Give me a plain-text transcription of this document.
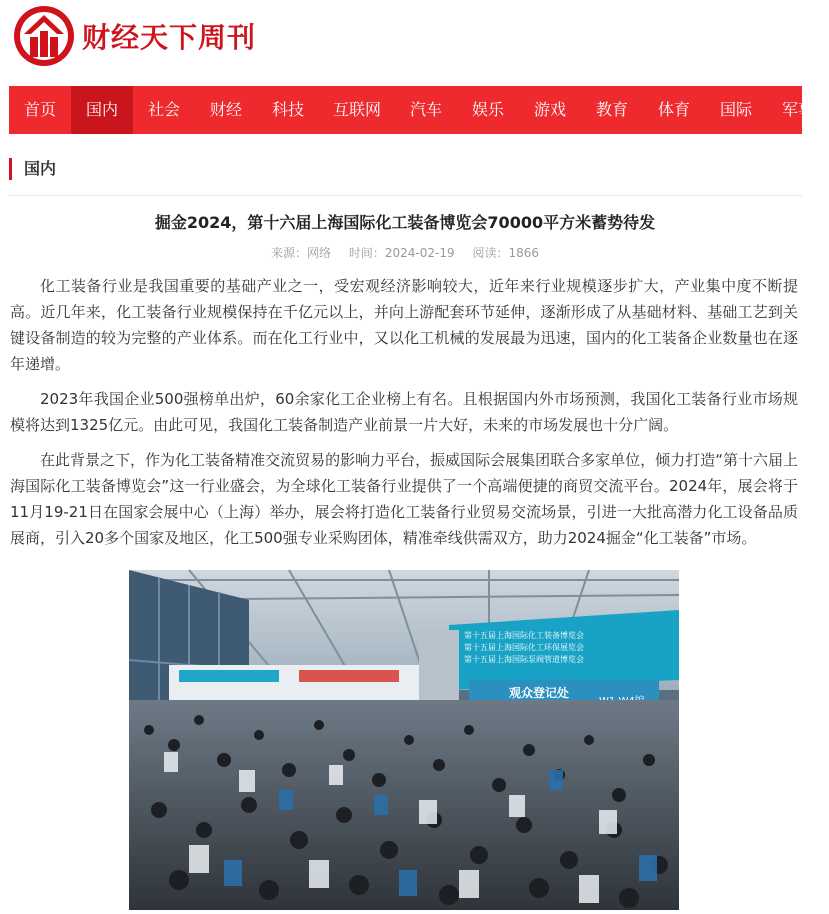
财经天下周刊
首页	国内	社会	财经	科技	互联网	汽车	娱乐	游戏	教育	体育	国际	军事
国内
掘金2024，第十六届上海国际化工装备博览会70000平方米蓄势待发
来源：网络 时间：2024-02-19 阅读：1866

化工装备行业是我国重要的基础产业之一，受宏观经济影响较大，近年来行业规模逐步扩大，产业集中度不断提高。近几年来，化工装备行业规模保持在千亿元以上，并向上游配套环节延伸，逐渐形成了从基础材料、基础工艺到关键设备制造的较为完整的产业体系。而在化工行业中，又以化工机械的发展最为迅速，国内的化工装备企业数量也在逐年递增。

2023年我国企业500强榜单出炉，60余家化工企业榜上有名。且根据国内外市场预测，我国化工装备行业市场规模将达到1325亿元。由此可见，我国化工装备制造产业前景一片大好，未来的市场发展也十分广阔。

在此背景之下，作为化工装备精准交流贸易的影响力平台，振威国际会展集团联合多家单位，倾力打造“第十六届上海国际化工装备博览会”这一行业盛会，为全球化工装备行业提供了一个高端便捷的商贸交流平台。2024年，展会将于11月19-21日在国家会展中心（上海）举办，展会将打造化工装备行业贸易交流场景，引进一大批高潜力化工设备品质展商，引入20多个国家及地区，化工500强专业采购团体，精准牵线供需双方，助力2024掘金“化工装备”市场。

第十五届上海国际化工装备博览会
第十五届上海国际化工环保展览会
第十五届上海国际泵阀管道博览会
观众登记处
